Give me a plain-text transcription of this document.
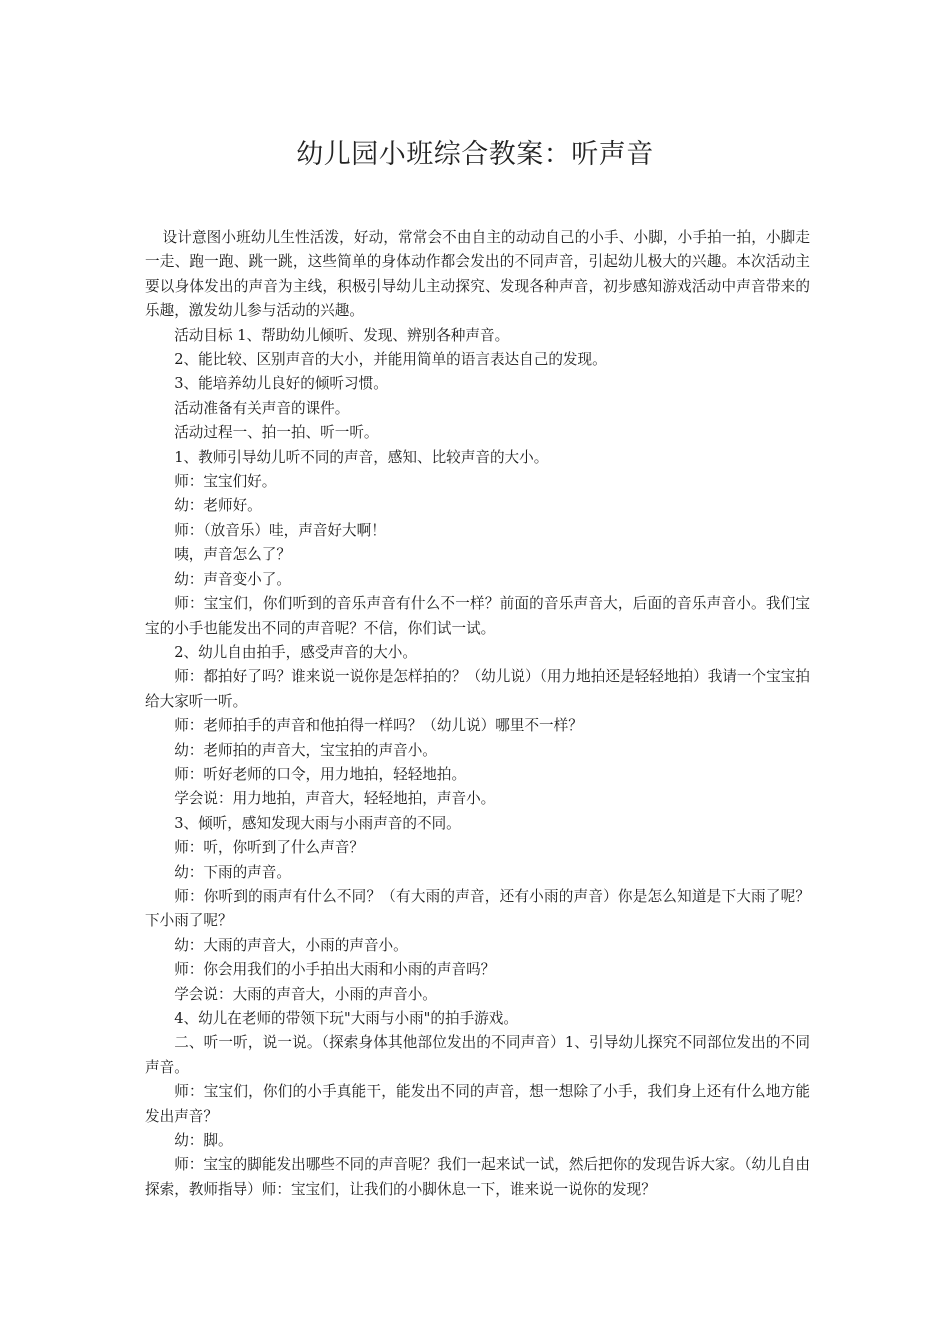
幼儿园小班综合教案：听声音

设计意图小班幼儿生性活泼，好动，常常会不由自主的动动自己的小手、小脚，小手拍一拍，小脚走一走、跑一跑、跳一跳，这些简单的身体动作都会发出的不同声音，引起幼儿极大的兴趣。本次活动主要以身体发出的声音为主线，积极引导幼儿主动探究、发现各种声音，初步感知游戏活动中声音带来的乐趣，激发幼儿参与活动的兴趣。

活动目标 1、帮助幼儿倾听、发现、辨别各种声音。

2、能比较、区别声音的大小，并能用简单的语言表达自己的发现。

3、能培养幼儿良好的倾听习惯。

活动准备有关声音的课件。

活动过程一、拍一拍、听一听。

1、教师引导幼儿听不同的声音，感知、比较声音的大小。

师：宝宝们好。

幼：老师好。

师：（放音乐）哇，声音好大啊！

咦，声音怎么了？

幼：声音变小了。

师：宝宝们，你们听到的音乐声音有什么不一样？前面的音乐声音大，后面的音乐声音小。我们宝宝的小手也能发出不同的声音呢？不信，你们试一试。

2、幼儿自由拍手，感受声音的大小。

师：都拍好了吗？谁来说一说你是怎样拍的？（幼儿说）（用力地拍还是轻轻地拍）我请一个宝宝拍给大家听一听。

师：老师拍手的声音和他拍得一样吗？（幼儿说）哪里不一样？

幼：老师拍的声音大，宝宝拍的声音小。

师：听好老师的口令，用力地拍，轻轻地拍。

学会说：用力地拍，声音大，轻轻地拍，声音小。

3、倾听，感知发现大雨与小雨声音的不同。

师：听，你听到了什么声音？

幼：下雨的声音。

师：你听到的雨声有什么不同？（有大雨的声音，还有小雨的声音）你是怎么知道是下大雨了呢？下小雨了呢？

幼：大雨的声音大，小雨的声音小。

师：你会用我们的小手拍出大雨和小雨的声音吗？

学会说：大雨的声音大，小雨的声音小。

4、幼儿在老师的带领下玩"大雨与小雨"的拍手游戏。

二、听一听，说一说。（探索身体其他部位发出的不同声音）1、引导幼儿探究不同部位发出的不同声音。

师：宝宝们，你们的小手真能干，能发出不同的声音，想一想除了小手，我们身上还有什么地方能发出声音？

幼：脚。

师：宝宝的脚能发出哪些不同的声音呢？我们一起来试一试，然后把你的发现告诉大家。（幼儿自由探索，教师指导）师：宝宝们，让我们的小脚休息一下，谁来说一说你的发现？
